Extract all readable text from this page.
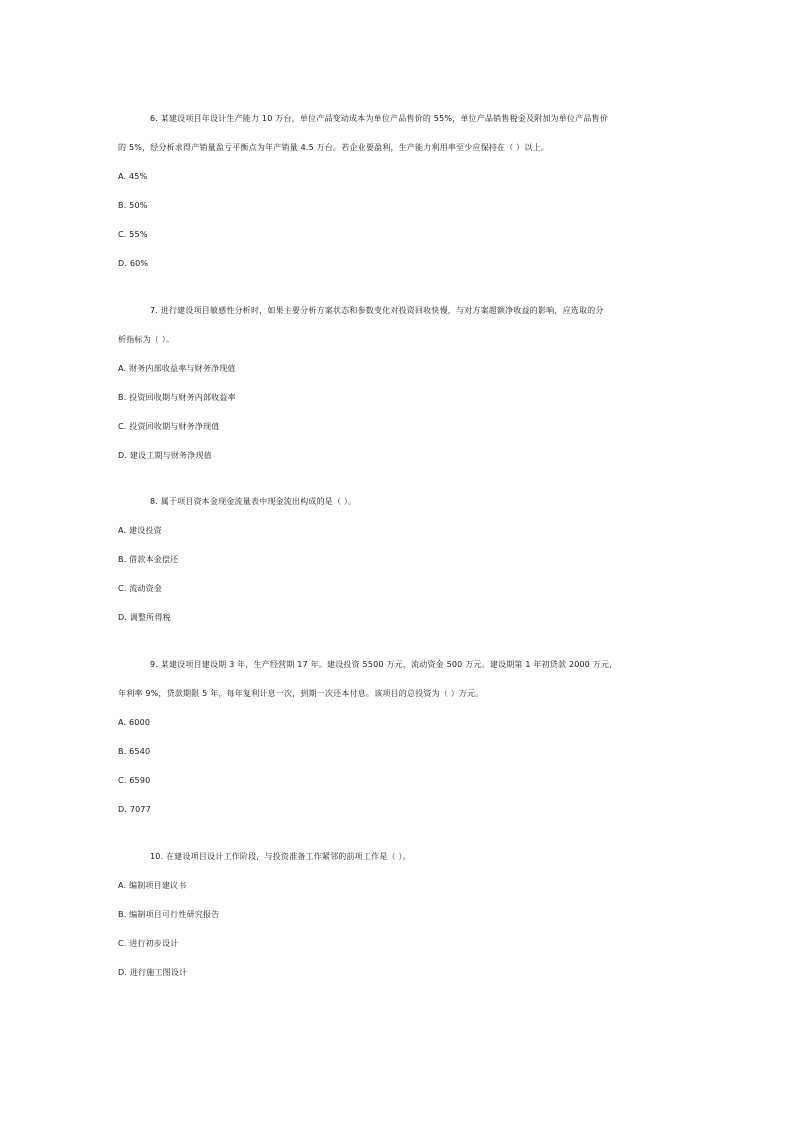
6. 某建设项目年设计生产能力 10 万台，单位产品变动成本为单位产品售价的 55%，单位产品销售税金及附加为单位产品售价
的 5%，经分析求得产销量盈亏平衡点为年产销量 4.5 万台。若企业要盈利，生产能力利用率至少应保持在（ ）以上。
A. 45%
B. 50%
C. 55%
D. 60%
7. 进行建设项目敏感性分析时，如果主要分析方案状态和参数变化对投资回收快慢，与对方案超额净收益的影响，应选取的分
析指标为（ ）。
A. 财务内部收益率与财务净现值
B. 投资回收期与财务内部收益率
C. 投资回收期与财务净现值
D. 建设工期与财务净现值
8. 属于项目资本金现金流量表中现金流出构成的是（ ）。
A. 建设投资
B. 借款本金偿还
C. 流动资金
D. 调整所得税
9. 某建设项目建设期 3 年，生产经营期 17 年。建设投资 5500 万元，流动资金 500 万元。建设期第 1 年初贷款 2000 万元，
年利率 9%，贷款期限 5 年，每年复利计息一次，到期一次还本付息。该项目的总投资为（ ）万元。
A. 6000
B. 6540
C. 6590
D. 7077
10. 在建设项目设计工作阶段，与投资准备工作紧邻的前项工作是（ ）。
A. 编制项目建议书
B. 编制项目可行性研究报告
C. 进行初步设计
D. 进行施工图设计
